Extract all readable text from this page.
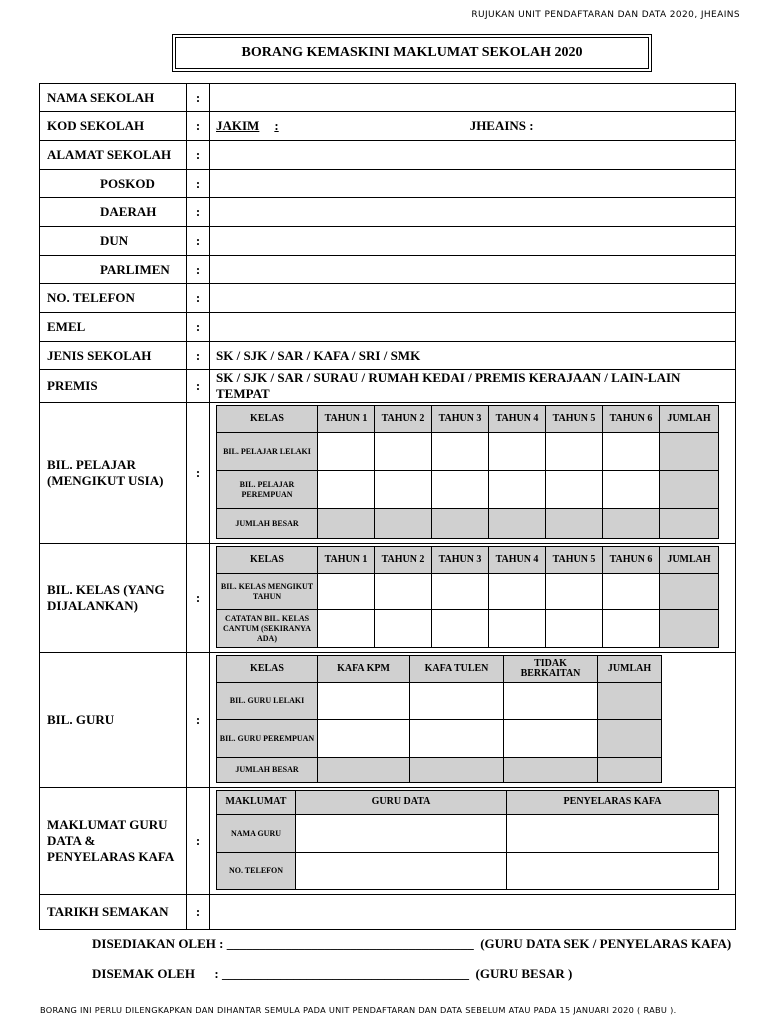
RUJUKAN UNIT PENDAFTARAN DAN DATA 2020, JHEAINS
BORANG KEMASKINI MAKLUMAT SEKOLAH 2020
NAMA SEKOLAH	:	
KOD SEKOLAH	:	JAKIM :	JHEAINS :

ALAMAT SEKOLAH	:	
POSKOD	:	
DAERAH	:	
DUN	:	
PARLIMEN	:	
NO. TELEFON	:	
EMEL	:	
JENIS SEKOLAH	:	SK / SJK / SAR / KAFA / SRI / SMK
PREMIS	:	SK / SJK / SAR / SURAU / RUMAH KEDAI / PREMIS KERAJAAN / LAIN-LAIN TEMPAT
BIL. PELAJAR (MENGIKUT USIA)	:	
KELAS	TAHUN 1	TAHUN 2	TAHUN 3	TAHUN 4	TAHUN 5	TAHUN 6	JUMLAH
BIL. PELAJAR LELAKI							
BIL. PELAJAR PEREMPUAN							
JUMLAH BESAR							

BIL. KELAS (YANG DIJALANKAN)	:	
KELAS	TAHUN 1	TAHUN 2	TAHUN 3	TAHUN 4	TAHUN 5	TAHUN 6	JUMLAH
BIL. KELAS MENGIKUT TAHUN							
CATATAN BIL. KELAS CANTUM (SEKIRANYA ADA)							

BIL. GURU	:	
KELAS	KAFA KPM	KAFA TULEN	TIDAK BERKAITAN	JUMLAH
BIL. GURU LELAKI				
BIL. GURU PEREMPUAN				
JUMLAH BESAR				

MAKLUMAT GURU DATA & PENYELARAS KAFA	:	
MAKLUMAT	GURU DATA	PENYELARAS KAFA
NAMA GURU		
NO. TELEFON		

TARIKH SEMAKAN	:	
DISEDIAKAN OLEH : ______________________________________  (GURU DATA SEK / PENYELARAS KAFA)
DISEMAK OLEH      : ______________________________________  (GURU BESAR )
BORANG INI PERLU DILENGKAPKAN DAN DIHANTAR SEMULA PADA UNIT PENDAFTARAN DAN DATA SEBELUM ATAU PADA 15 JANUARI 2020 ( RABU ).
